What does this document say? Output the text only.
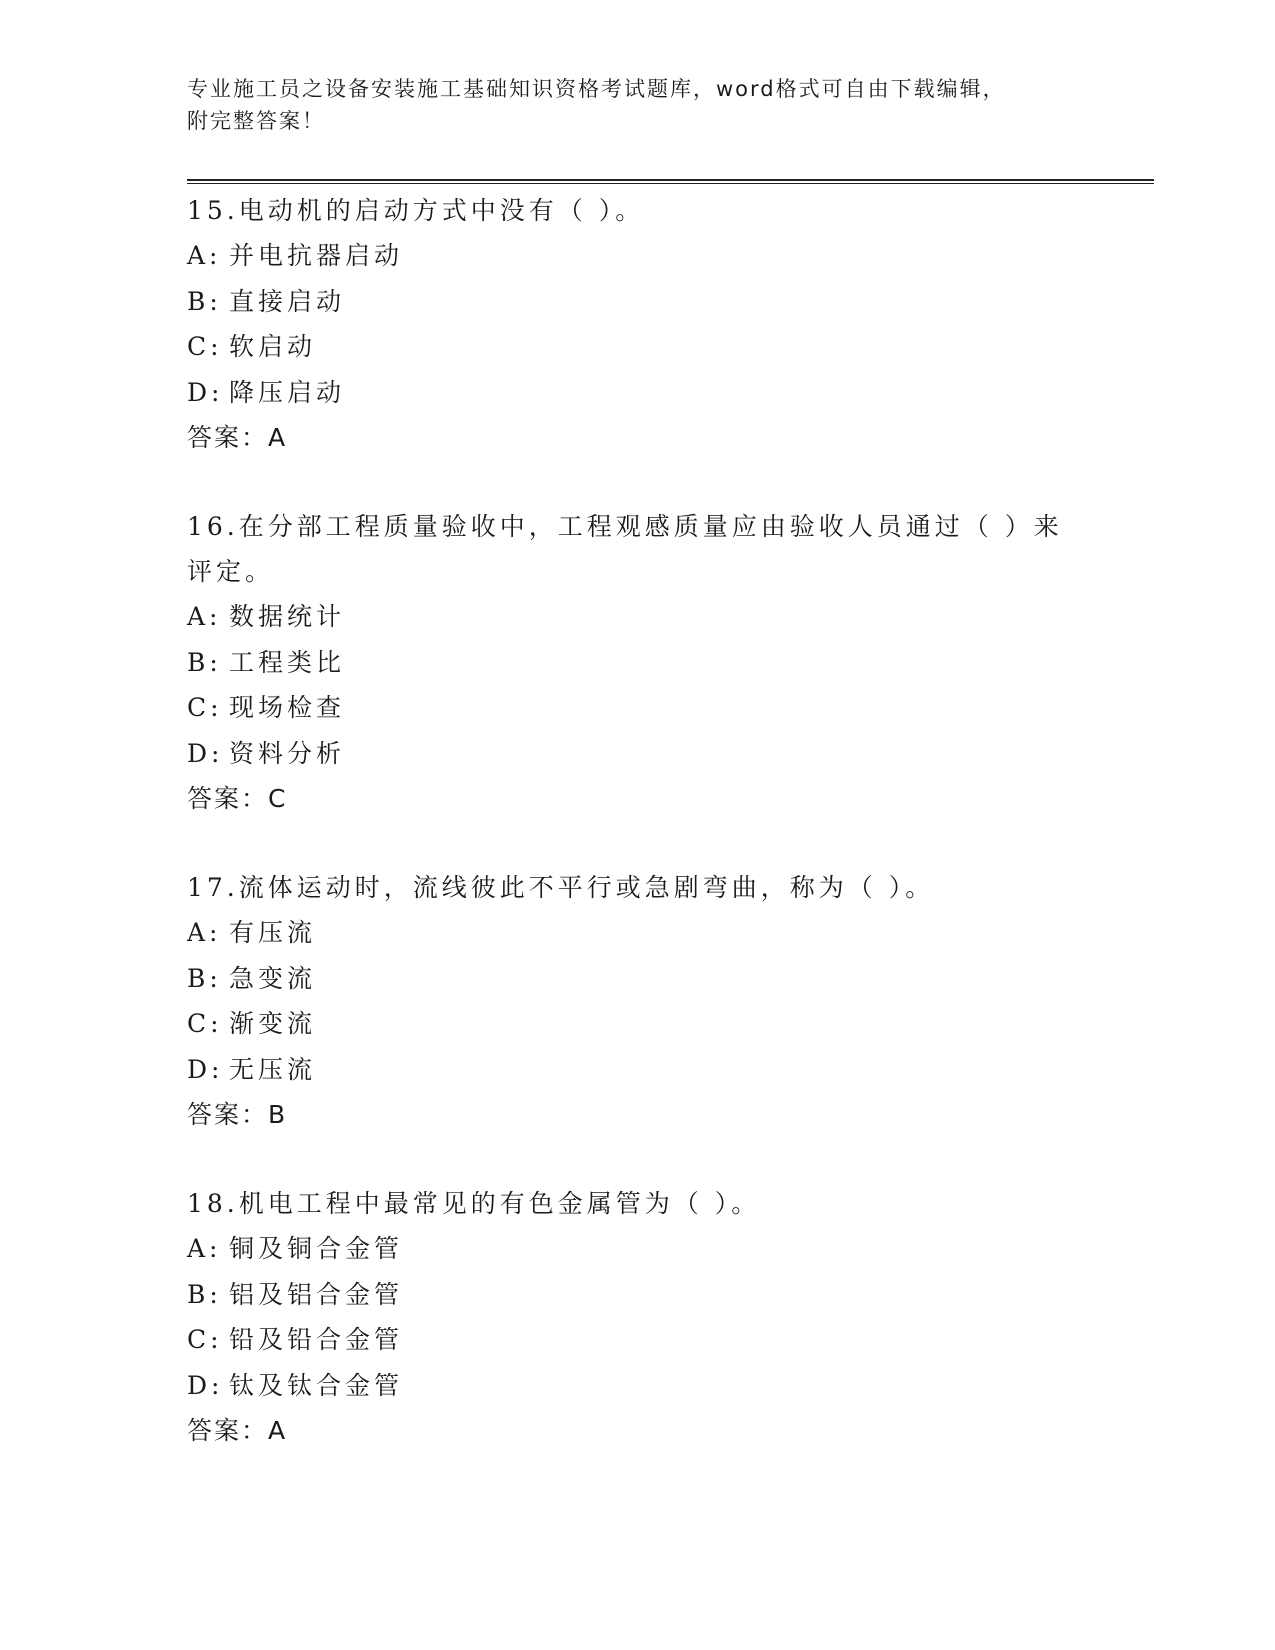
专业施工员之设备安装施工基础知识资格考试题库，word格式可自由下载编辑，
附完整答案！

15.电动机的启动方式中没有（ ）。

A: 并电抗器启动
B: 直接启动
C: 软启动
D: 降压启动

答案：A

16.在分部工程质量验收中，工程观感质量应由验收人员通过（ ）来评定。

A: 数据统计
B: 工程类比
C: 现场检查
D: 资料分析

答案：C

17.流体运动时，流线彼此不平行或急剧弯曲，称为（ ）。

A: 有压流
B: 急变流
C: 渐变流
D: 无压流

答案：B

18.机电工程中最常见的有色金属管为（ ）。

A: 铜及铜合金管
B: 铝及铝合金管
C: 铅及铅合金管
D: 钛及钛合金管

答案：A
